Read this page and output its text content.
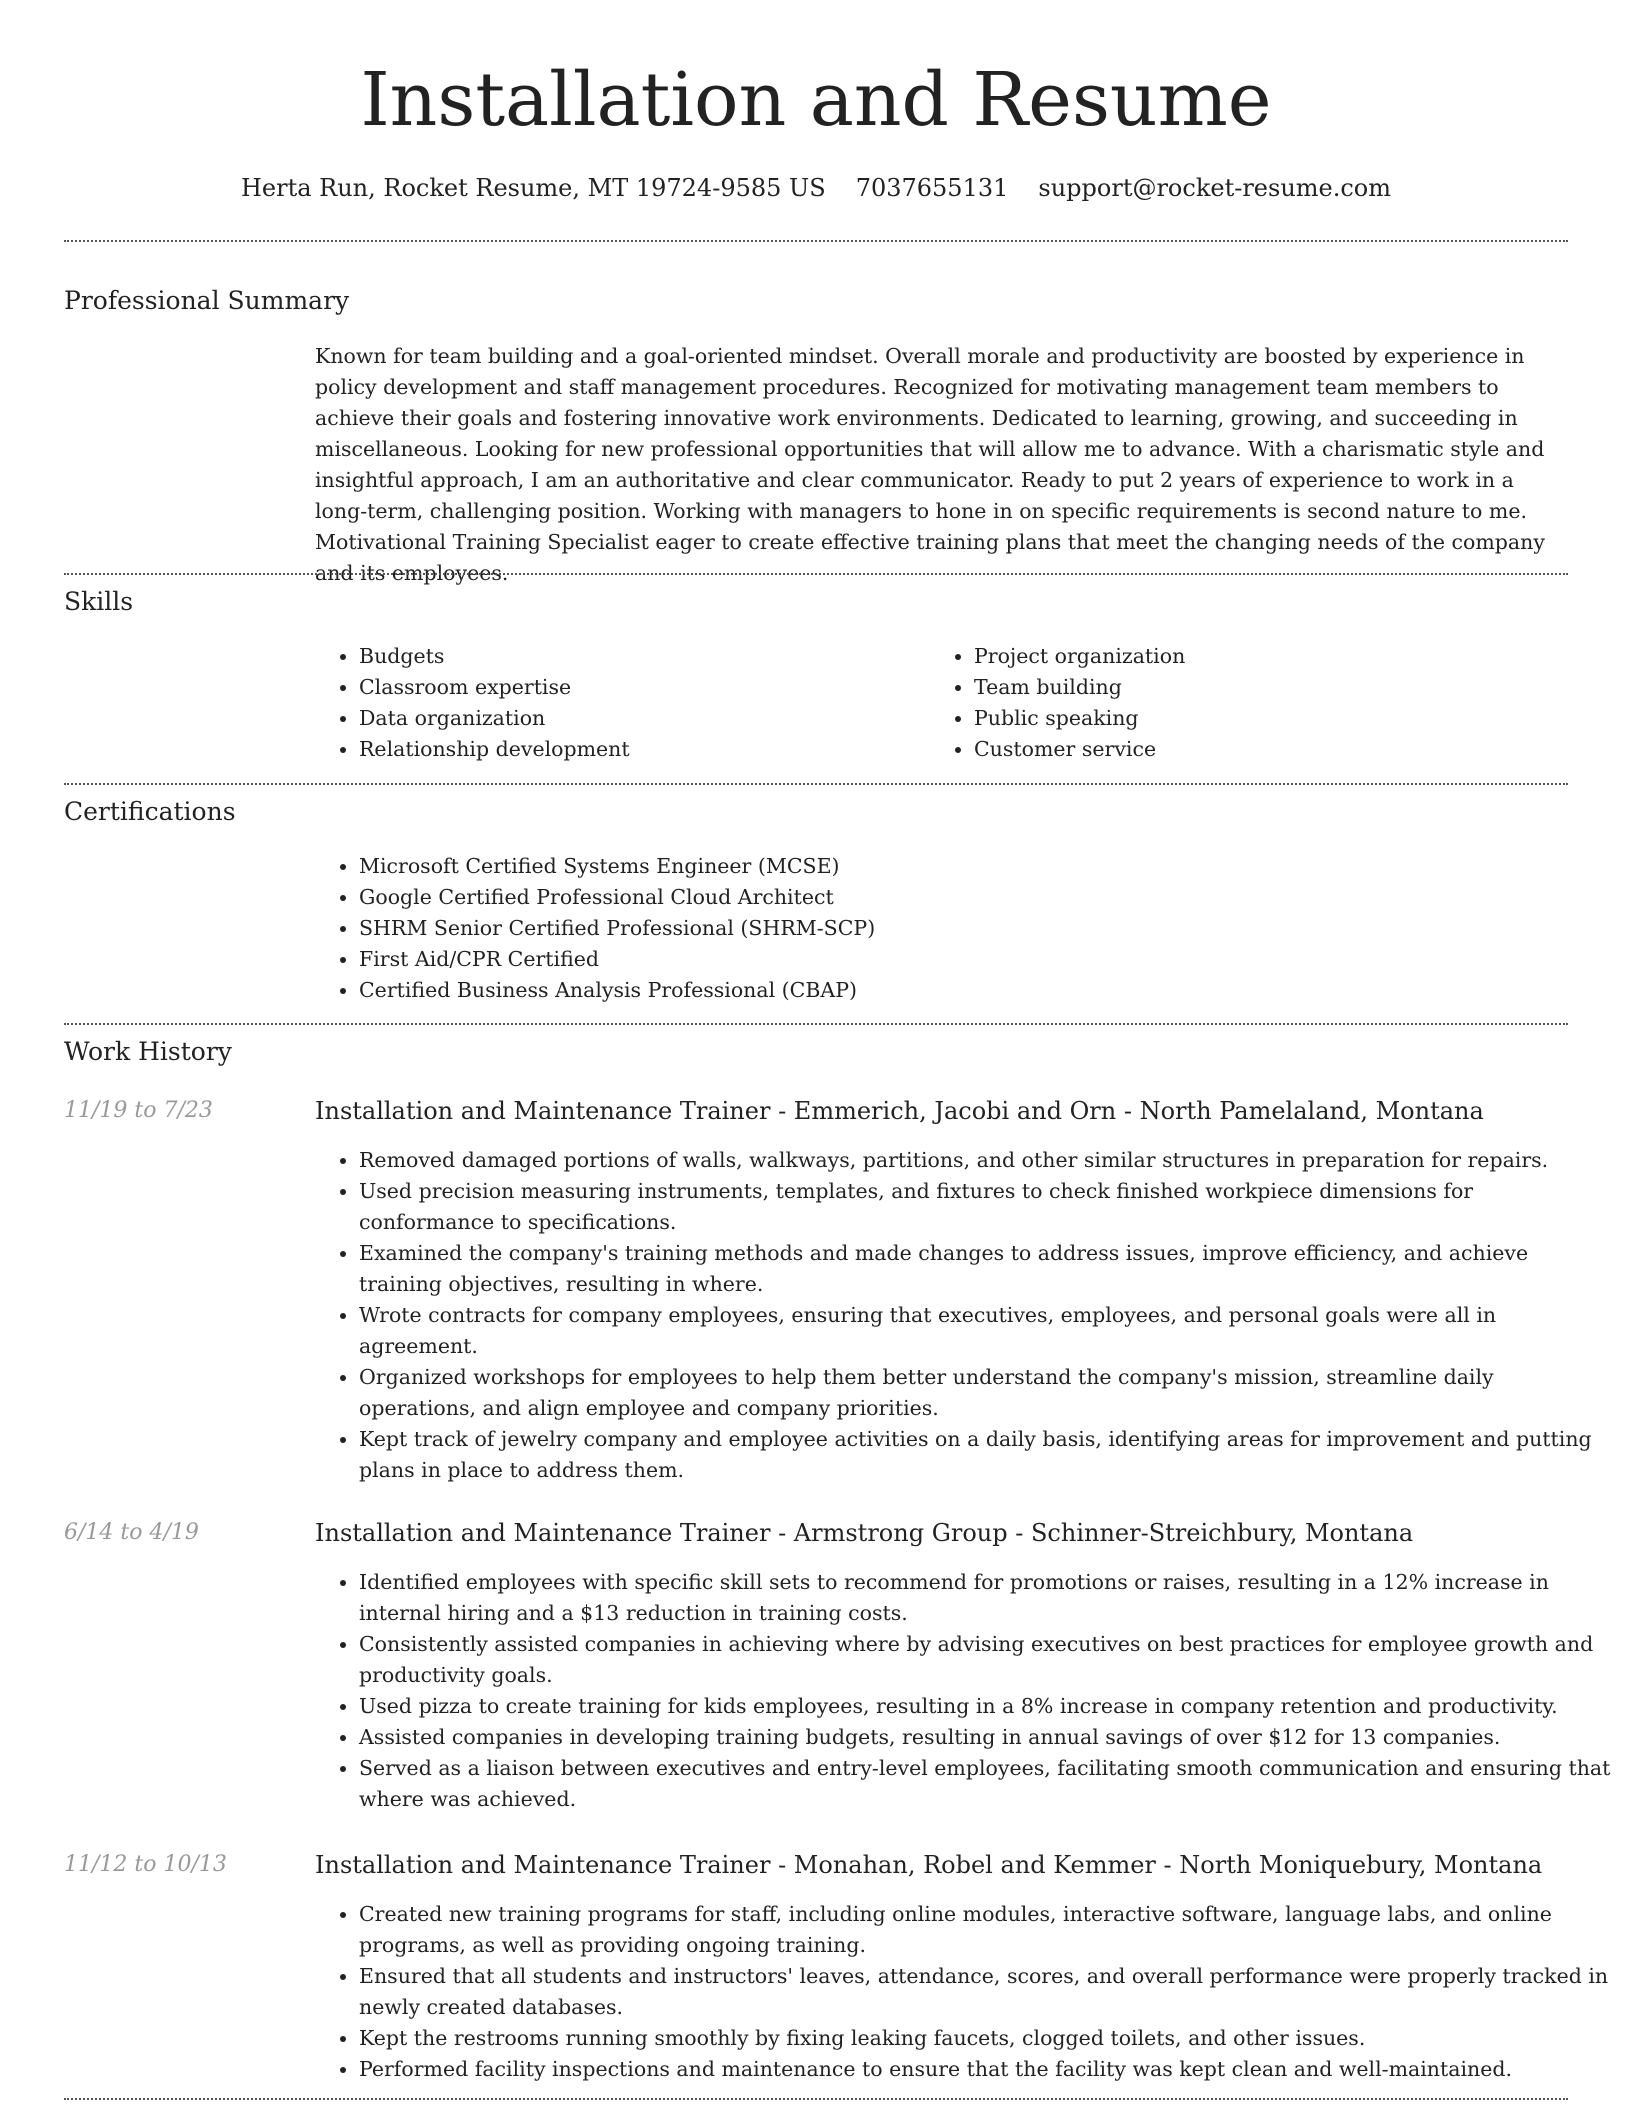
Installation and Resume
Herta Run, Rocket Resume, MT 19724-9585 US 7037655131 support@rocket-resume.com
Professional Summary

Known for team building and a goal-oriented mindset. Overall morale and productivity are boosted by experience in policy development and staff management procedures. Recognized for motivating management team members to achieve their goals and fostering innovative work environments. Dedicated to learning, growing, and succeeding in miscellaneous. Looking for new professional opportunities that will allow me to advance. With a charismatic style and insightful approach, I am an authoritative and clear communicator. Ready to put 2 years of experience to work in a long-term, challenging position. Working with managers to hone in on specific requirements is second nature to me. Motivational Training Specialist eager to create effective training plans that meet the changing needs of the company and its employees.

Skills
• Budgets
• Classroom expertise
• Data organization
• Relationship development
• Project organization
• Team building
• Public speaking
• Customer service
Certifications
• Microsoft Certified Systems Engineer (MCSE)
• Google Certified Professional Cloud Architect
• SHRM Senior Certified Professional (SHRM-SCP)
• First Aid/CPR Certified
• Certified Business Analysis Professional (CBAP)
Work History
11/19 to 7/23	Installation and Maintenance Trainer - Emmerich, Jacobi and Orn - North Pamelaland, Montana
• Removed damaged portions of walls, walkways, partitions, and other similar structures in preparation for repairs.
• Used precision measuring instruments, templates, and fixtures to check finished workpiece dimensions for conformance to specifications.
• Examined the company's training methods and made changes to address issues, improve efficiency, and achieve training objectives, resulting in where.
• Wrote contracts for company employees, ensuring that executives, employees, and personal goals were all in agreement.
• Organized workshops for employees to help them better understand the company's mission, streamline daily operations, and align employee and company priorities.
• Kept track of jewelry company and employee activities on a daily basis, identifying areas for improvement and putting plans in place to address them.
6/14 to 4/19	Installation and Maintenance Trainer - Armstrong Group - Schinner-Streichbury, Montana
• Identified employees with specific skill sets to recommend for promotions or raises, resulting in a 12% increase in internal hiring and a $13 reduction in training costs.
• Consistently assisted companies in achieving where by advising executives on best practices for employee growth and productivity goals.
• Used pizza to create training for kids employees, resulting in a 8% increase in company retention and productivity.
• Assisted companies in developing training budgets, resulting in annual savings of over $12 for 13 companies.
• Served as a liaison between executives and entry-level employees, facilitating smooth communication and ensuring that where was achieved.
11/12 to 10/13	Installation and Maintenance Trainer - Monahan, Robel and Kemmer - North Moniquebury, Montana
• Created new training programs for staff, including online modules, interactive software, language labs, and online programs, as well as providing ongoing training.
• Ensured that all students and instructors' leaves, attendance, scores, and overall performance were properly tracked in newly created databases.
• Kept the restrooms running smoothly by fixing leaking faucets, clogged toilets, and other issues.
• Performed facility inspections and maintenance to ensure that the facility was kept clean and well-maintained.
